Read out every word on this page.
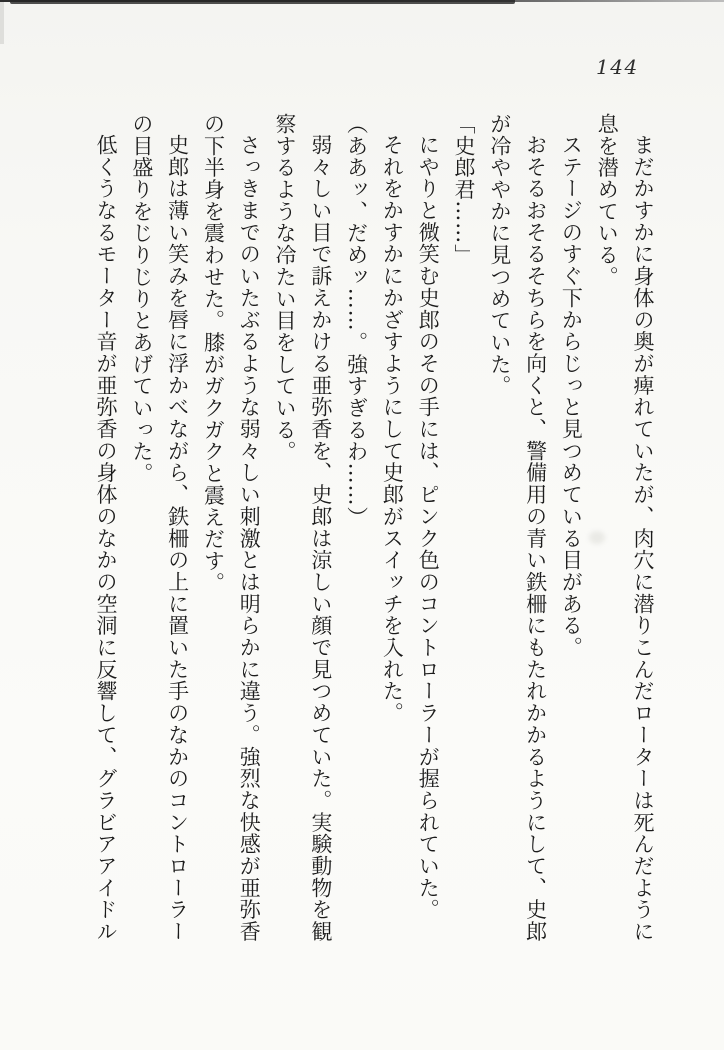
144

まだかすかに身体の奥が痺れていたが、肉穴に潜りこんだローターは死んだように息を潜めている。

ステージのすぐ下からじっと見つめている目がある。

おそるおそるそちらを向くと、警備用の青い鉄柵にもたれかかるようにして、史郎が冷ややかに見つめていた。

「史郎君……」

にやりと微笑む史郎のその手には、ピンク色のコントローラーが握られていた。

それをかすかにかざすようにして史郎がスイッチを入れた。

（ああッ、だめッ……。強すぎるわ……）

弱々しい目で訴えかける亜弥香を、史郎は涼しい顔で見つめていた。実験動物を観察するような冷たい目をしている。

さっきまでのいたぶるような弱々しい刺激とは明らかに違う。強烈な快感が亜弥香の下半身を震わせた。膝がガクガクと震えだす。

史郎は薄い笑みを唇に浮かべながら、鉄柵の上に置いた手のなかのコントローラーの目盛りをじりじりとあげていった。

低くうなるモーター音が亜弥香の身体のなかの空洞に反響して、グラビアアイドル
